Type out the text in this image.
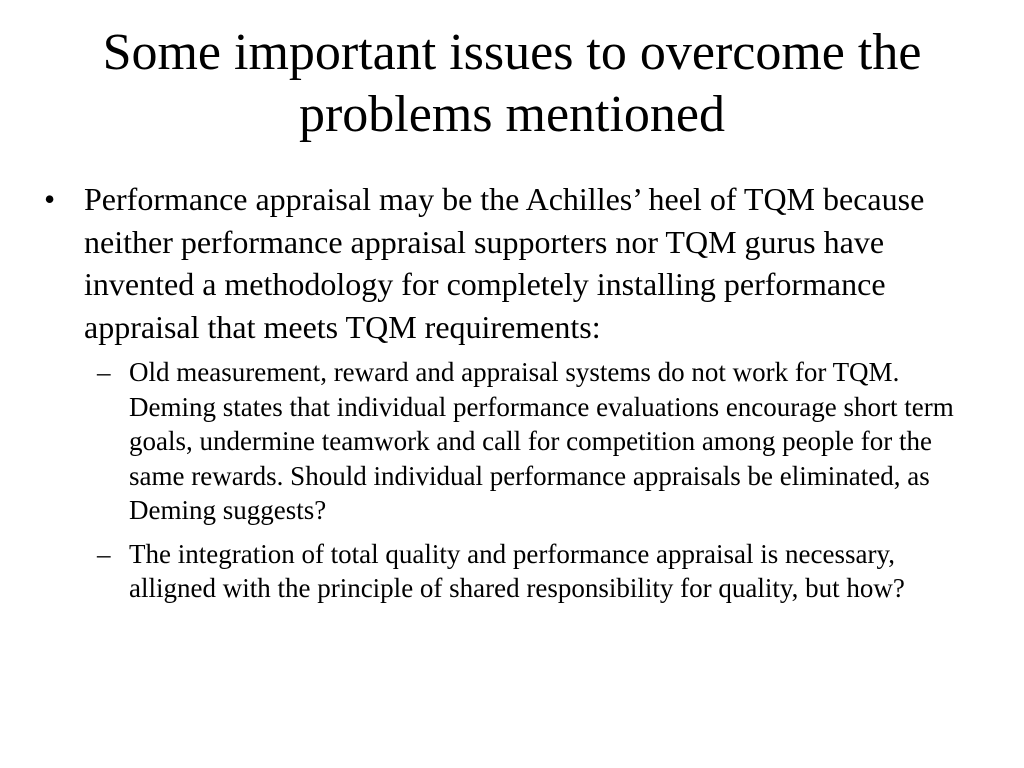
Some important issues to overcome the problems mentioned
• Performance appraisal may be the Achilles’ heel of TQM because neither performance appraisal supporters nor TQM gurus have invented a methodology for completely installing performance appraisal that meets TQM requirements:
– Old measurement, reward and appraisal systems do not work for TQM. Deming states that individual performance evaluations encourage short term goals, undermine teamwork and call for competition among people for the same rewards. Should individual performance appraisals be eliminated, as Deming suggests?
– The integration of total quality and performance appraisal is necessary, alligned with the principle of shared responsibility for quality, but how?
